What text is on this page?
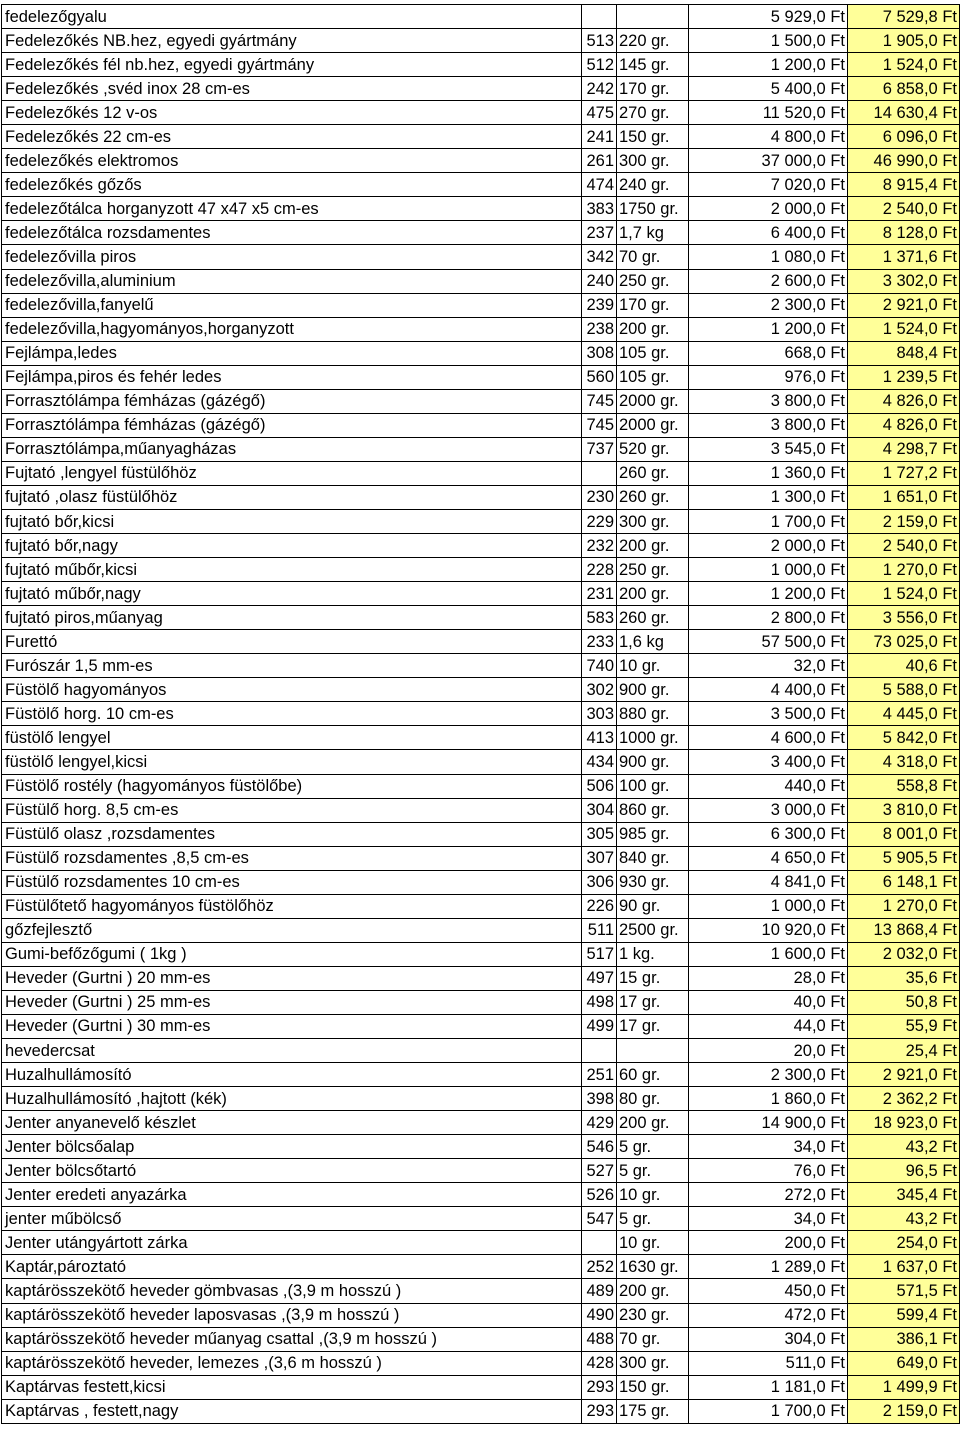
fedelezőgyalu			5 929,0 Ft	7 529,8 Ft
Fedelezőkés NB.hez, egyedi gyártmány	513	220 gr.	1 500,0 Ft	1 905,0 Ft
Fedelezőkés fél nb.hez, egyedi gyártmány	512	145 gr.	1 200,0 Ft	1 524,0 Ft
Fedelezőkés ,svéd inox 28 cm-es	242	170 gr.	5 400,0 Ft	6 858,0 Ft
Fedelezőkés 12 v-os	475	270 gr.	11 520,0 Ft	14 630,4 Ft
Fedelezőkés 22 cm-es	241	150 gr.	4 800,0 Ft	6 096,0 Ft
fedelezőkés elektromos	261	300 gr.	37 000,0 Ft	46 990,0 Ft
fedelezőkés gőzős	474	240 gr.	7 020,0 Ft	8 915,4 Ft
fedelezőtálca horganyzott 47 x47 x5 cm-es	383	1750 gr.	2 000,0 Ft	2 540,0 Ft
fedelezőtálca rozsdamentes	237	1,7 kg	6 400,0 Ft	8 128,0 Ft
fedelezővilla piros	342	70 gr.	1 080,0 Ft	1 371,6 Ft
fedelezővilla,aluminium	240	250 gr.	2 600,0 Ft	3 302,0 Ft
fedelezővilla,fanyelű	239	170 gr.	2 300,0 Ft	2 921,0 Ft
fedelezővilla,hagyományos,horganyzott	238	200 gr.	1 200,0 Ft	1 524,0 Ft
Fejlámpa,ledes	308	105 gr.	668,0 Ft	848,4 Ft
Fejlámpa,piros és fehér ledes	560	105 gr.	976,0 Ft	1 239,5 Ft
Forrasztólámpa fémházas (gázégő)	745	2000 gr.	3 800,0 Ft	4 826,0 Ft
Forrasztólámpa fémházas (gázégő)	745	2000 gr.	3 800,0 Ft	4 826,0 Ft
Forrasztólámpa,műanyagházas	737	520 gr.	3 545,0 Ft	4 298,7 Ft
Fujtató ,lengyel füstülőhöz		260 gr.	1 360,0 Ft	1 727,2 Ft
fujtató ,olasz füstülőhöz	230	260 gr.	1 300,0 Ft	1 651,0 Ft
fujtató bőr,kicsi	229	300 gr.	1 700,0 Ft	2 159,0 Ft
fujtató bőr,nagy	232	200 gr.	2 000,0 Ft	2 540,0 Ft
fujtató műbőr,kicsi	228	250 gr.	1 000,0 Ft	1 270,0 Ft
fujtató műbőr,nagy	231	200 gr.	1 200,0 Ft	1 524,0 Ft
fujtató piros,műanyag	583	260 gr.	2 800,0 Ft	3 556,0 Ft
Furettó	233	1,6 kg	57 500,0 Ft	73 025,0 Ft
Furószár 1,5 mm-es	740	10 gr.	32,0 Ft	40,6 Ft
Füstölő hagyományos	302	900 gr.	4 400,0 Ft	5 588,0 Ft
Füstölő horg. 10 cm-es	303	880 gr.	3 500,0 Ft	4 445,0 Ft
füstölő lengyel	413	1000 gr.	4 600,0 Ft	5 842,0 Ft
füstölő lengyel,kicsi	434	900 gr.	3 400,0 Ft	4 318,0 Ft
Füstölő rostély (hagyományos füstölőbe)	506	100 gr.	440,0 Ft	558,8 Ft
Füstülő horg. 8,5 cm-es	304	860 gr.	3 000,0 Ft	3 810,0 Ft
Füstülő olasz ,rozsdamentes	305	985 gr.	6 300,0 Ft	8 001,0 Ft
Füstülő rozsdamentes ,8,5 cm-es	307	840 gr.	4 650,0 Ft	5 905,5 Ft
Füstülő rozsdamentes 10 cm-es	306	930 gr.	4 841,0 Ft	6 148,1 Ft
Füstülőtető hagyományos füstölőhöz	226	90 gr.	1 000,0 Ft	1 270,0 Ft
gőzfejlesztő	511	2500 gr.	10 920,0 Ft	13 868,4 Ft
Gumi-befőzőgumi ( 1kg )	517	1 kg.	1 600,0 Ft	2 032,0 Ft
Heveder (Gurtni ) 20 mm-es	497	15 gr.	28,0 Ft	35,6 Ft
Heveder (Gurtni ) 25 mm-es	498	17 gr.	40,0 Ft	50,8 Ft
Heveder (Gurtni ) 30 mm-es	499	17 gr.	44,0 Ft	55,9 Ft
hevedercsat			20,0 Ft	25,4 Ft
Huzalhullámosító	251	60 gr.	2 300,0 Ft	2 921,0 Ft
Huzalhullámosító ,hajtott (kék)	398	80 gr.	1 860,0 Ft	2 362,2 Ft
Jenter anyanevelő készlet	429	200 gr.	14 900,0 Ft	18 923,0 Ft
Jenter bölcsőalap	546	5 gr.	34,0 Ft	43,2 Ft
Jenter bölcsőtartó	527	5 gr.	76,0 Ft	96,5 Ft
Jenter eredeti anyazárka	526	10 gr.	272,0 Ft	345,4 Ft
jenter műbölcső	547	5 gr.	34,0 Ft	43,2 Ft
Jenter utángyártott zárka		10 gr.	200,0 Ft	254,0 Ft
Kaptár,pároztató	252	1630 gr.	1 289,0 Ft	1 637,0 Ft
kaptárösszekötő heveder gömbvasas ,(3,9 m hosszú )	489	200 gr.	450,0 Ft	571,5 Ft
kaptárösszekötő heveder laposvasas ,(3,9 m hosszú )	490	230 gr.	472,0 Ft	599,4 Ft
kaptárösszekötő heveder műanyag csattal ,(3,9 m hosszú )	488	70 gr.	304,0 Ft	386,1 Ft
kaptárösszekötő heveder, lemezes ,(3,6 m hosszú )	428	300 gr.	511,0 Ft	649,0 Ft
Kaptárvas festett,kicsi	293	150 gr.	1 181,0 Ft	1 499,9 Ft
Kaptárvas , festett,nagy	293	175 gr.	1 700,0 Ft	2 159,0 Ft
